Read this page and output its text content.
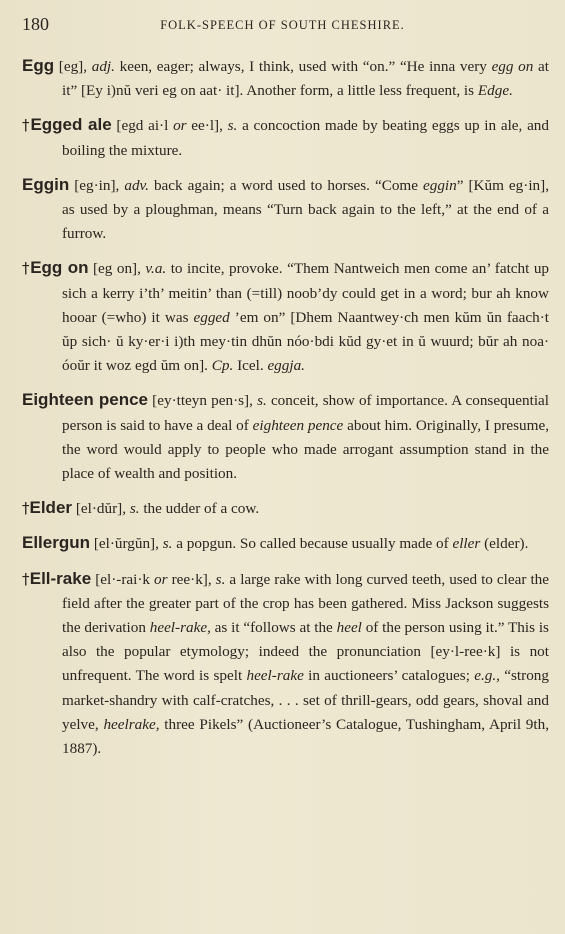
180	FOLK-SPEECH OF SOUTH CHESHIRE.

Egg [eg], adj. keen, eager; always, I think, used with “on.” “He inna very egg on at it” [Ey i)nŭ veri eg on aat· it]. Another form, a little less frequent, is Edge.

†Egged ale [egd ai·l or ee·l], s. a concoction made by beating eggs up in ale, and boiling the mixture.

Eggin [eg·in], adv. back again; a word used to horses. “Come eggin” [Kŭm eg·in], as used by a ploughman, means “Turn back again to the left,” at the end of a furrow.

†Egg on [eg on], v.a. to incite, provoke. “Them Nantweich men come an’ fatcht up sich a kerry i’th’ meitin’ than (=till) noob’dy could get in a word; bur ah know hooar (=who) it was egged ’em on” [Dhem Naantwey·ch men kŭm ŭn faach·t ŭp sich· ŭ ky·er·i i)th mey·tin dhŭn nóo·bdi kŭd gy·et in ŭ wuurd; bŭr ah noa· óoŭr it woz egd ŭm on]. Cp. Icel. eggja.

Eighteen pence [ey·tteyn pen·s], s. conceit, show of importance. A consequential person is said to have a deal of eighteen pence about him. Originally, I presume, the word would apply to people who made arrogant assumption stand in the place of wealth and position.

†Elder [el·dŭr], s. the udder of a cow.

Ellergun [el·ŭrgŭn], s. a popgun. So called because usually made of eller (elder).

†Ell-rake [el·-rai·k or ree·k], s. a large rake with long curved teeth, used to clear the field after the greater part of the crop has been gathered. Miss Jackson suggests the derivation heel-rake, as it “follows at the heel of the person using it.” This is also the popular etymology; indeed the pronunciation [ey·l-ree·k] is not unfrequent. The word is spelt heel-rake in auctioneers’ catalogues; e.g., “strong market-shandry with calf-cratches, . . . set of thrill-gears, odd gears, shoval and yelve, heelrake, three Pikels” (Auctioneer’s Catalogue, Tushingham, April 9th, 1887).
